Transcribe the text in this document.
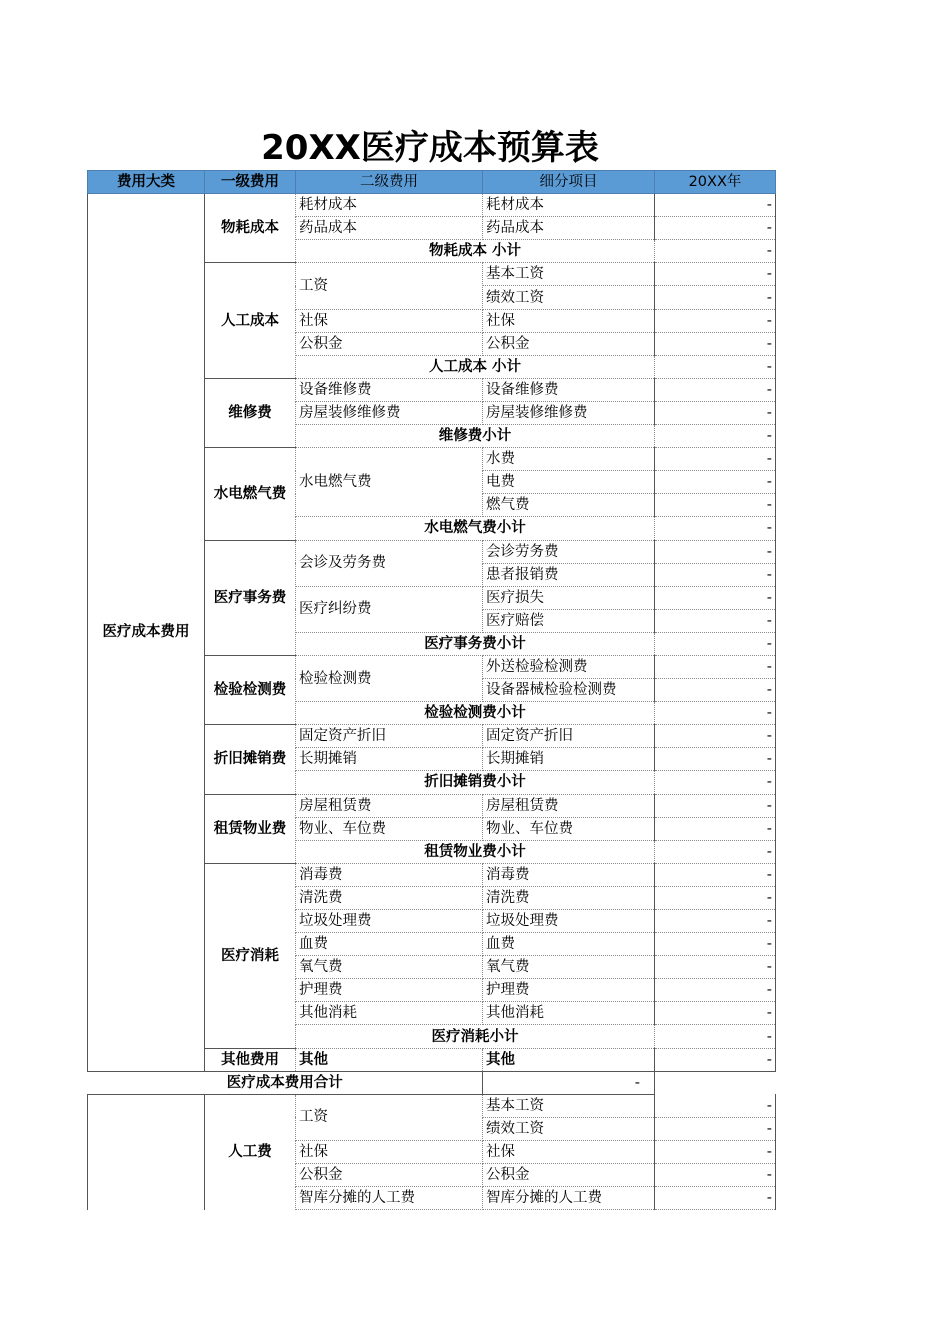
20XX医疗成本预算表
费用大类	一级费用	二级费用	细分项目	20XX年
医疗成本费用	物耗成本	耗材成本	耗材成本	-
		药品成本	药品成本	-
		物耗成本 小计		-
	人工成本	工资	基本工资	-
			绩效工资	-
		社保	社保	-
		公积金	公积金	-
		人工成本 小计		-
	维修费	设备维修费	设备维修费	-
		房屋装修维修费	房屋装修维修费	-
		维修费小计		-
	水电燃气费	水电燃气费	水费	-
			电费	-
			燃气费	-
		水电燃气费小计		-
	医疗事务费	会诊及劳务费	会诊劳务费	-
			患者报销费	-
		医疗纠纷费	医疗损失	-
			医疗赔偿	-
		医疗事务费小计		-
	检验检测费	检验检测费	外送检验检测费	-
			设备器械检验检测费	-
		检验检测费小计		-
	折旧摊销费	固定资产折旧	固定资产折旧	-
		长期摊销	长期摊销	-
		折旧摊销费小计		-
	租赁物业费	房屋租赁费	房屋租赁费	-
		物业、车位费	物业、车位费	-
		租赁物业费小计		-
	医疗消耗	消毒费	消毒费	-
		清洗费	清洗费	-
		垃圾处理费	垃圾处理费	-
		血费	血费	-
		氧气费	氧气费	-
		护理费	护理费	-
		其他消耗	其他消耗	-
		医疗消耗小计		-
	其他费用	其他	其他	-
医疗成本费用合计			-	
	人工费	工资	基本工资	-
			绩效工资	-
		社保	社保	-
		公积金	公积金	-
		智库分摊的人工费	智库分摊的人工费	-
